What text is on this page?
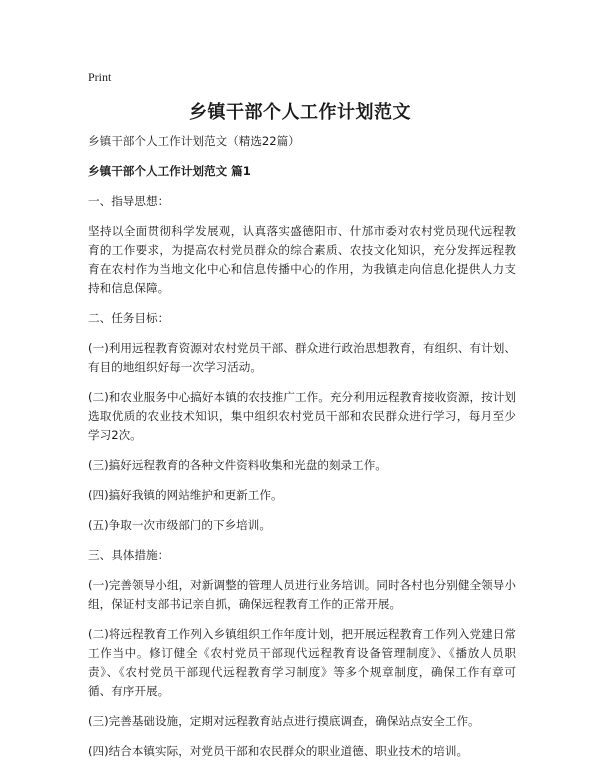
Print
乡镇干部个人工作计划范文

乡镇干部个人工作计划范文（精选22篇）

乡镇干部个人工作计划范文 篇1

一、指导思想：

坚持以全面贯彻科学发展观，认真落实盛德阳市、什邡市委对农村党员现代远程教育的工作要求，为提高农村党员群众的综合素质、农技文化知识，充分发挥远程教育在农村作为当地文化中心和信息传播中心的作用，为我镇走向信息化提供人力支持和信息保障。

二、任务目标：

(一)利用远程教育资源对农村党员干部、群众进行政治思想教育，有组织、有计划、有目的地组织好每一次学习活动。

(二)和农业服务中心搞好本镇的农技推广工作。充分利用远程教育接收资源，按计划选取优质的农业技术知识，集中组织农村党员干部和农民群众进行学习，每月至少学习2次。

(三)搞好远程教育的各种文件资料收集和光盘的刻录工作。

(四)搞好我镇的网站维护和更新工作。

(五)争取一次市级部门的下乡培训。

三、具体措施：

(一)完善领导小组，对新调整的管理人员进行业务培训。同时各村也分别健全领导小组，保证村支部书记亲自抓，确保远程教育工作的正常开展。

(二)将远程教育工作列入乡镇组织工作年度计划，把开展远程教育工作列入党建日常工作当中。修订健全《农村党员干部现代远程教育设备管理制度》、《播放人员职责》、《农村党员干部现代远程教育学习制度》等多个规章制度，确保工作有章可循、有序开展。

(三)完善基础设施，定期对远程教育站点进行摸底调查，确保站点安全工作。

(四)结合本镇实际，对党员干部和农民群众的职业道德、职业技术的培训。
